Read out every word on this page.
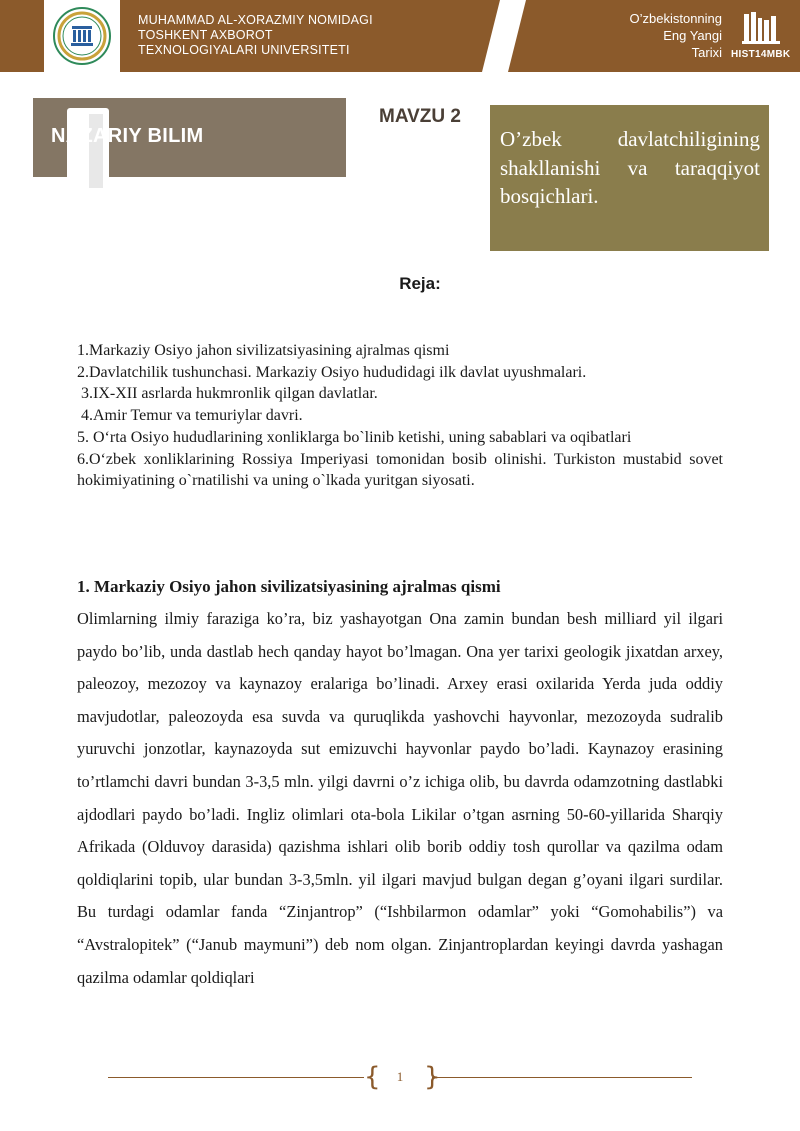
MUHAMMAD AL-XORAZMIY NOMIDAGI
TOSHKENT AXBOROT
TEXNOLOGIYALARI UNIVERSITETI
O’zbekistonning
Eng Yangi
Tarixi HIST14MBK
NAZARIY BILIM
MAVZU 2

O’zbek davlatchiligining shakllanishi va taraqqiyot bosqichlari.

Reja:
1.Markaziy Osiyo jahon sivilizatsiyasining ajralmas qismi
2.Davlatchilik tushunchasi. Markaziy Osiyo hududidagi ilk davlat uyushmalari.
3.IX-XII asrlarda hukmronlik qilgan davlatlar.
4.Amir Temur va temuriylar davri.
5. O‘rta Osiyo hududlarining xonliklarga bo`linib ketishi, uning sabablari va oqibatlari
6.O‘zbek xonliklarining Rossiya Imperiyasi tomonidan bosib olinishi. Turkiston mustabid sovet hokimiyatining o`rnatilishi va uning o`lkada yuritgan siyosati.
1. Markaziy Osiyo jahon sivilizatsiyasining ajralmas qismi

Olimlarning ilmiy faraziga ko’ra, biz yashayotgan Ona zamin bundan besh milliard yil ilgari paydo bo’lib, unda dastlab hech qanday hayot bo’lmagan. Ona yer tarixi geologik jixatdan arxey, paleozoy, mezozoy va kaynazoy eralariga bo’linadi. Arxey erasi oxilarida Yerda juda oddiy mavjudotlar, paleozoyda esa suvda va quruqlikda yashovchi hayvonlar, mezozoyda sudralib yuruvchi jonzotlar, kaynazoyda sut emizuvchi hayvonlar paydo bo’ladi. Kaynazoy erasining to’rtlamchi davri bundan 3-3,5 mln. yilgi davrni o’z ichiga olib, bu davrda odamzotning dastlabki ajdodlari paydo bo’ladi. Ingliz olimlari ota-bola Likilar o’tgan asrning 50-60-yillarida Sharqiy Afrikada (Olduvoy darasida) qazishma ishlari olib borib oddiy tosh qurollar va qazilma odam qoldiqlarini topib, ular bundan 3-3,5mln. yil ilgari mavjud bulgan degan g’oyani ilgari surdilar. Bu turdagi odamlar fanda “Zinjantrop” (“Ishbilarmon odamlar” yoki “Gomohabilis”) va “Avstralopitek” (“Janub maymuni”) deb nom olgan. Zinjantroplardan keyingi davrda yashagan qazilma odamlar qoldiqlari

{ }
1
